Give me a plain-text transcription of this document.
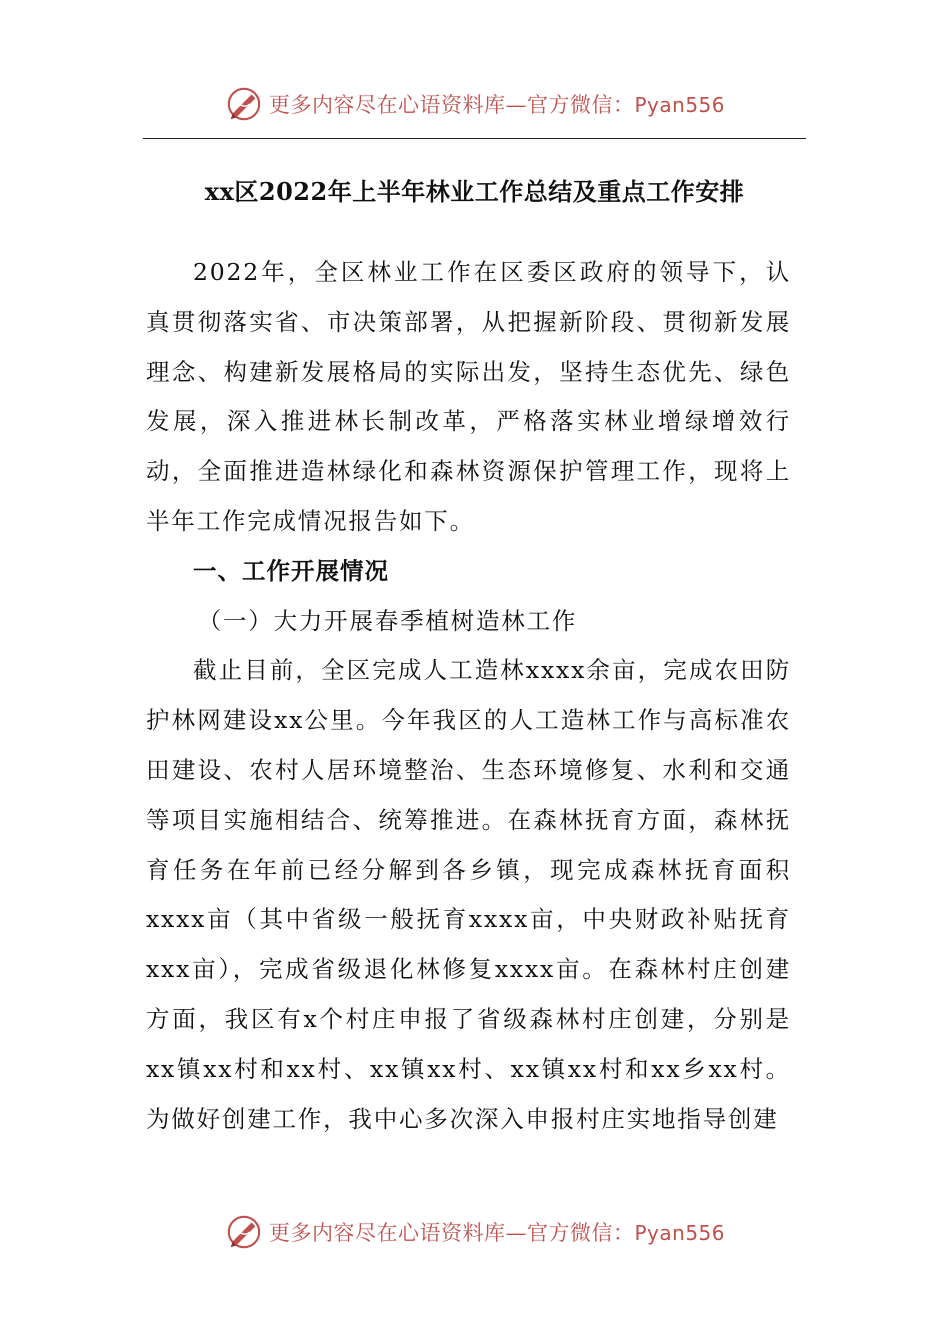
更多内容尽在心语资料库—官方微信：Pyan556
xx区2022年上半年林业工作总结及重点工作安排

2022年，全区林业工作在区委区政府的领导下，认真贯彻落实省、市决策部署，从把握新阶段、贯彻新发展理念、构建新发展格局的实际出发，坚持生态优先、绿色发展，深入推进林长制改革，严格落实林业增绿增效行动，全面推进造林绿化和森林资源保护管理工作，现将上半年工作完成情况报告如下。

一、工作开展情况

（一）大力开展春季植树造林工作

截止目前，全区完成人工造林xxxx余亩，完成农田防护林网建设xx公里。今年我区的人工造林工作与高标准农田建设、农村人居环境整治、生态环境修复、水利和交通等项目实施相结合、统筹推进。在森林抚育方面，森林抚育任务在年前已经分解到各乡镇，现完成森林抚育面积xxxx亩（其中省级一般抚育xxxx亩，中央财政补贴抚育xxx亩），完成省级退化林修复xxxx亩。在森林村庄创建方面，我区有x个村庄申报了省级森林村庄创建，分别是xx镇xx村和xx村、xx镇xx村、xx镇xx村和xx乡xx村。为做好创建工作，我中心多次深入申报村庄实地指导创建

更多内容尽在心语资料库—官方微信：Pyan556
